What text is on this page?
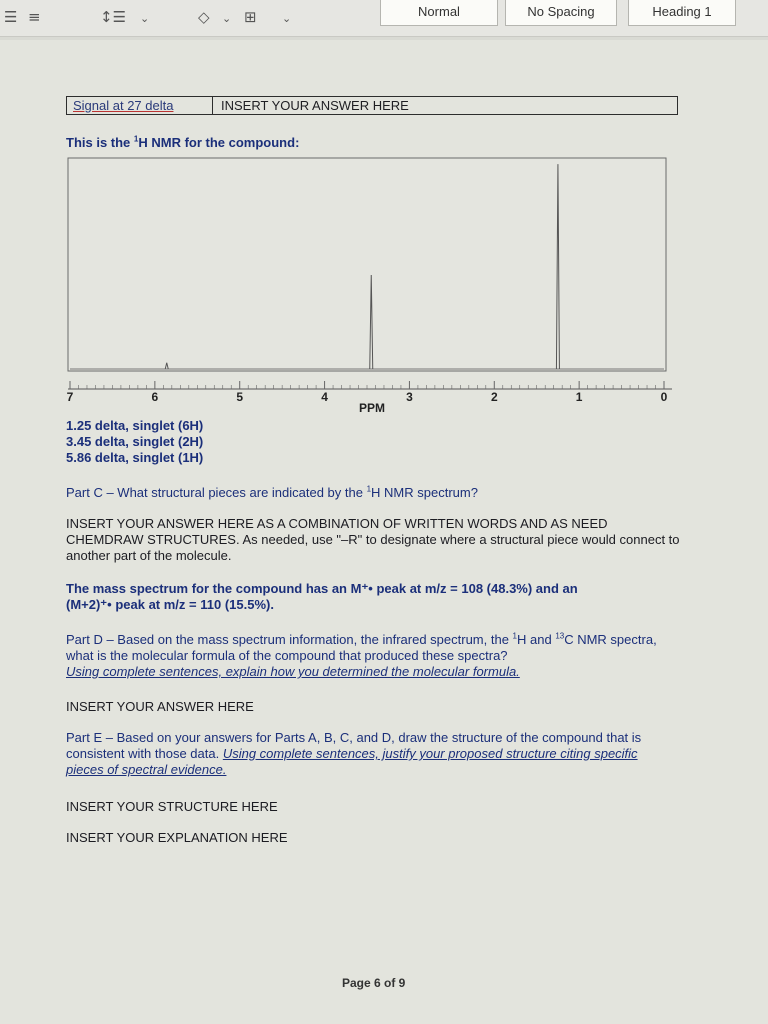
☰ ≡	↕☰ ⌄	◇ ⌄ ⊞ ⌄	Normal	No Spacing	Heading 1
Signal at 27 delta	INSERT YOUR ANSWER HERE
This is the $^1$H NMR for the compound:
7	6	5	4	3	2	1	0
PPM
1.25 delta, singlet (6H)
3.45 delta, singlet (2H)
5.86 delta, singlet (1H)
Part C – What structural pieces are indicated by the $^1$H NMR spectrum?
INSERT YOUR ANSWER HERE AS A COMBINATION OF WRITTEN WORDS AND AS NEED CHEMDRAW STRUCTURES. As needed, use "–R" to designate where a structural piece would connect to another part of the molecule.
The mass spectrum for the compound has an M⁺• peak at m/z = 108 (48.3%) and an
(M+2)⁺• peak at m/z = 110 (15.5%).
Part D – Based on the mass spectrum information, the infrared spectrum, the $^1$H and $^{13}$C NMR spectra, what is the molecular formula of the compound that produced these spectra?
Using complete sentences, explain how you determined the molecular formula.
INSERT YOUR ANSWER HERE
Part E – Based on your answers for Parts A, B, C, and D, draw the structure of the compound that is consistent with those data. Using complete sentences, justify your proposed structure citing specific pieces of spectral evidence.
INSERT YOUR STRUCTURE HERE
INSERT YOUR EXPLANATION HERE
Page 6 of 9
